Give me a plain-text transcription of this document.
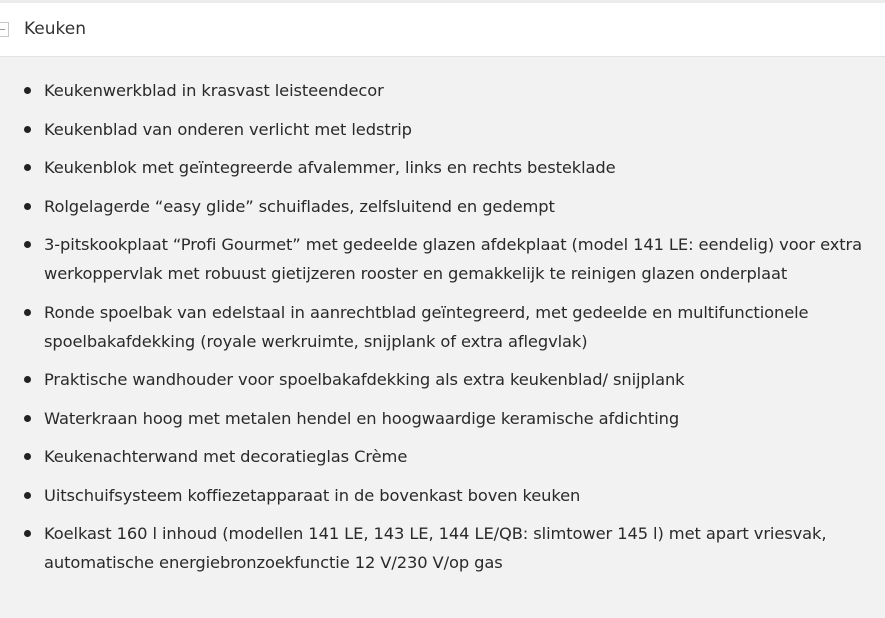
Keuken
Keukenwerkblad in krasvast leisteendecor
Keukenblad van onderen verlicht met ledstrip
Keukenblok met geïntegreerde afvalemmer, links en rechts besteklade
Rolgelagerde “easy glide” schuiflades, zelfsluitend en gedempt
3-pitskookplaat “Profi Gourmet” met gedeelde glazen afdekplaat (model 141 LE: eendelig) voor extra werkoppervlak met robuust gietijzeren rooster en gemakkelijk te reinigen glazen onderplaat
Ronde spoelbak van edelstaal in aanrechtblad geïntegreerd, met gedeelde en multifunctionele spoelbakafdekking (royale werkruimte, snijplank of extra aflegvlak)
Praktische wandhouder voor spoelbakafdekking als extra keukenblad/ snijplank
Waterkraan hoog met metalen hendel en hoogwaardige keramische afdichting
Keukenachterwand met decoratieglas Crème
Uitschuifsysteem koffiezetapparaat in de bovenkast boven keuken
Koelkast 160 l inhoud (modellen 141 LE, 143 LE, 144 LE/QB: slimtower 145 l) met apart vriesvak, automatische energiebronzoekfunctie 12 V/230 V/op gas
